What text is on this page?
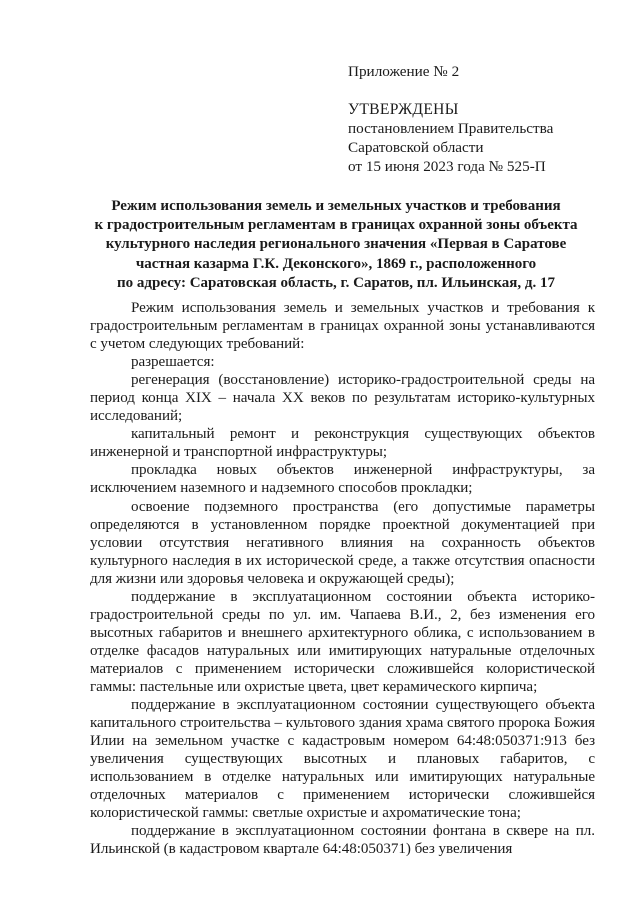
Приложение № 2
УТВЕРЖДЕНЫ
постановлением Правительства
Саратовской области
от 15 июня 2023 года № 525-П
Режим использования земель и земельных участков и требования
к градостроительным регламентам в границах охранной зоны объекта
культурного наследия регионального значения «Первая в Саратове
частная казарма Г.К. Деконского», 1869 г., расположенного
по адресу: Саратовская область, г. Саратов, пл. Ильинская, д. 17

Режим использования земель и земельных участков и требования к градостроительным регламентам в границах охранной зоны устанавливаются с учетом следующих требований:

разрешается:

регенерация (восстановление) историко-градостроительной среды на период конца XIX – начала XX веков по результатам историко-культурных исследований;

капитальный ремонт и реконструкция существующих объектов инженерной и транспортной инфраструктуры;

прокладка новых объектов инженерной инфраструктуры, за исключением наземного и надземного способов прокладки;

освоение подземного пространства (его допустимые параметры определяются в установленном порядке проектной документацией при условии отсутствия негативного влияния на сохранность объектов культурного наследия в их исторической среде, а также отсутствия опасности для жизни или здоровья человека и окружающей среды);

поддержание в эксплуатационном состоянии объекта историко-градостроительной среды по ул. им. Чапаева В.И., 2, без изменения его высотных габаритов и внешнего архитектурного облика, с использованием в отделке фасадов натуральных или имитирующих натуральные отделочных материалов с применением исторически сложившейся колористической гаммы: пастельные или охристые цвета, цвет керамического кирпича;

поддержание в эксплуатационном состоянии существующего объекта капитального строительства – культового здания храма святого пророка Божия Илии на земельном участке с кадастровым номером 64:48:050371:913 без увеличения существующих высотных и плановых габаритов, с использованием в отделке натуральных или имитирующих натуральные отделочных материалов с применением исторически сложившейся колористической гаммы: светлые охристые и ахроматические тона;

поддержание в эксплуатационном состоянии фонтана в сквере на пл. Ильинской (в кадастровом квартале 64:48:050371) без увеличения
